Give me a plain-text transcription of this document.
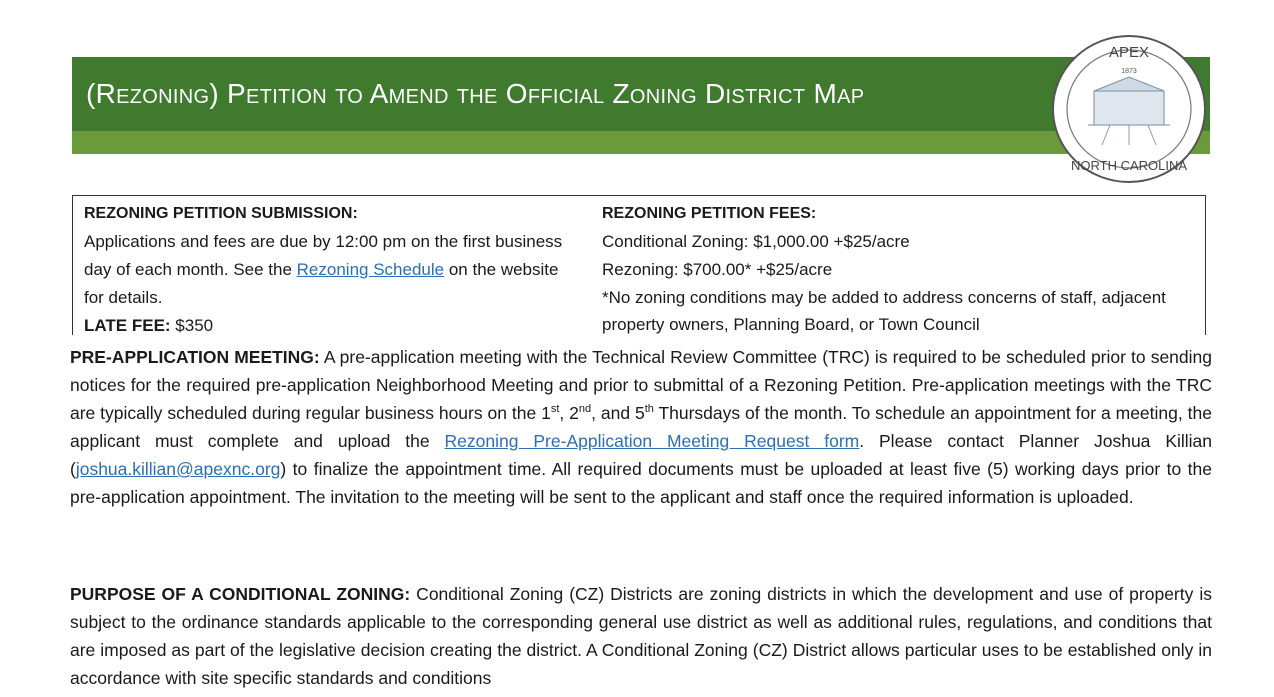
(Rezoning) Petition to Amend the Official Zoning District Map
APEX
1873
NORTH CAROLINA
REZONING PETITION SUBMISSION:
Applications and fees are due by 12:00 pm on the first business day of each month. See the Rezoning Schedule on the website for details.
LATE FEE: $350
REZONING PETITION FEES:
Conditional Zoning: $1,000.00 +$25/acre
Rezoning: $700.00* +$25/acre
*No zoning conditions may be added to address concerns of staff, adjacent property owners, Planning Board, or Town Council
PRE-APPLICATION MEETING: A pre-application meeting with the Technical Review Committee (TRC) is required to be scheduled prior to sending notices for the required pre-application Neighborhood Meeting and prior to submittal of a Rezoning Petition. Pre-application meetings with the TRC are typically scheduled during regular business hours on the 1st, 2nd, and 5th Thursdays of the month. To schedule an appointment for a meeting, the applicant must complete and upload the Rezoning Pre-Application Meeting Request form. Please contact Planner Joshua Killian (joshua.killian@apexnc.org) to finalize the appointment time. All required documents must be uploaded at least five (5) working days prior to the pre-application appointment. The invitation to the meeting will be sent to the applicant and staff once the required information is uploaded.
PURPOSE OF A CONDITIONAL ZONING: Conditional Zoning (CZ) Districts are zoning districts in which the development and use of property is subject to the ordinance standards applicable to the corresponding general use district as well as additional rules, regulations, and conditions that are imposed as part of the legislative decision creating the district. A Conditional Zoning (CZ) District allows particular uses to be established only in accordance with site specific standards and conditions
